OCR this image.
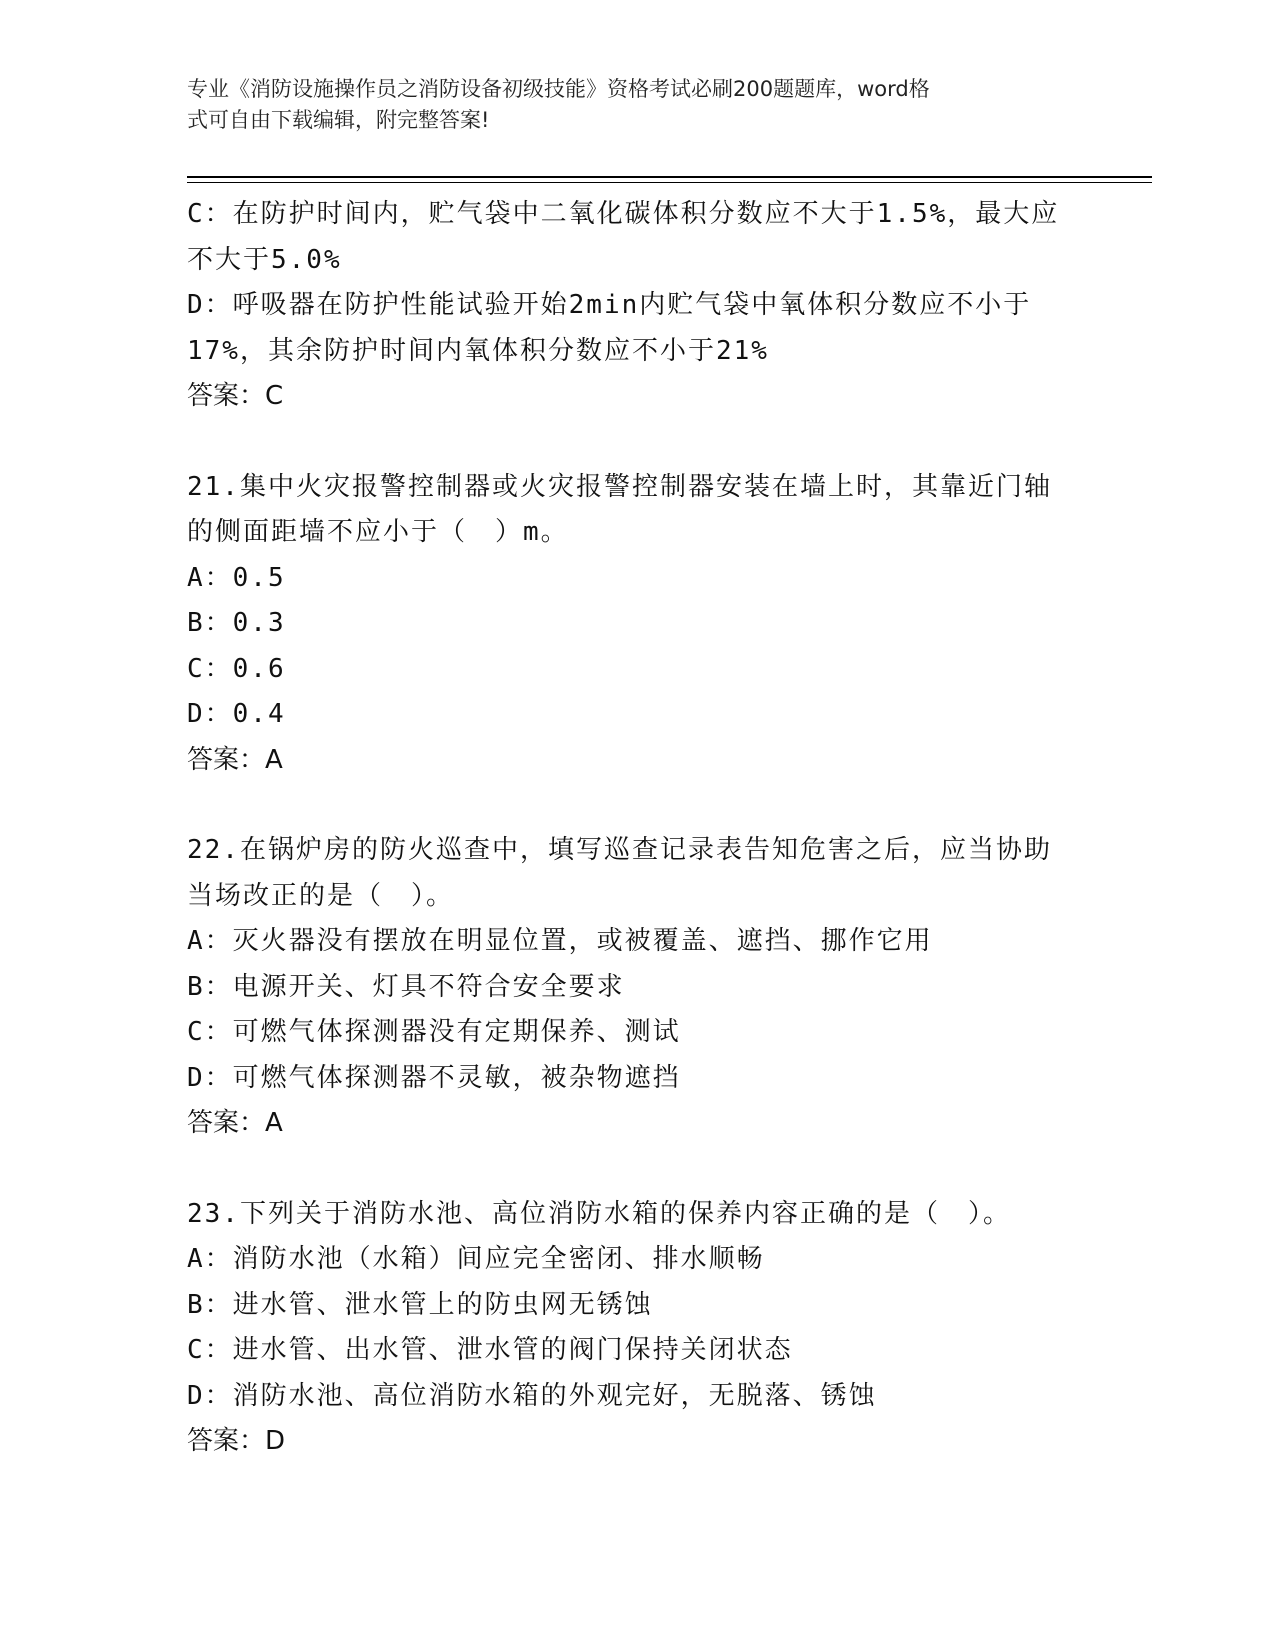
专业《消防设施操作员之消防设备初级技能》资格考试必刷200题题库，word格
式可自由下载编辑，附完整答案!
C：在防护时间内，贮气袋中二氧化碳体积分数应不大于1.5%，最大应
不大于5.0%
D：呼吸器在防护性能试验开始2min内贮气袋中氧体积分数应不小于
17%，其余防护时间内氧体积分数应不小于21%
答案：C
21.集中火灾报警控制器或火灾报警控制器安装在墙上时，其靠近门轴
的侧面距墙不应小于（　）m。
A：0.5
B：0.3
C：0.6
D：0.4
答案：A
22.在锅炉房的防火巡查中，填写巡查记录表告知危害之后，应当协助
当场改正的是（　）。
A：灭火器没有摆放在明显位置，或被覆盖、遮挡、挪作它用
B：电源开关、灯具不符合安全要求
C：可燃气体探测器没有定期保养、测试
D：可燃气体探测器不灵敏，被杂物遮挡
答案：A
23.下列关于消防水池、高位消防水箱的保养内容正确的是（　）。
A：消防水池（水箱）间应完全密闭、排水顺畅
B：进水管、泄水管上的防虫网无锈蚀
C：进水管、出水管、泄水管的阀门保持关闭状态
D：消防水池、高位消防水箱的外观完好，无脱落、锈蚀
答案：D
